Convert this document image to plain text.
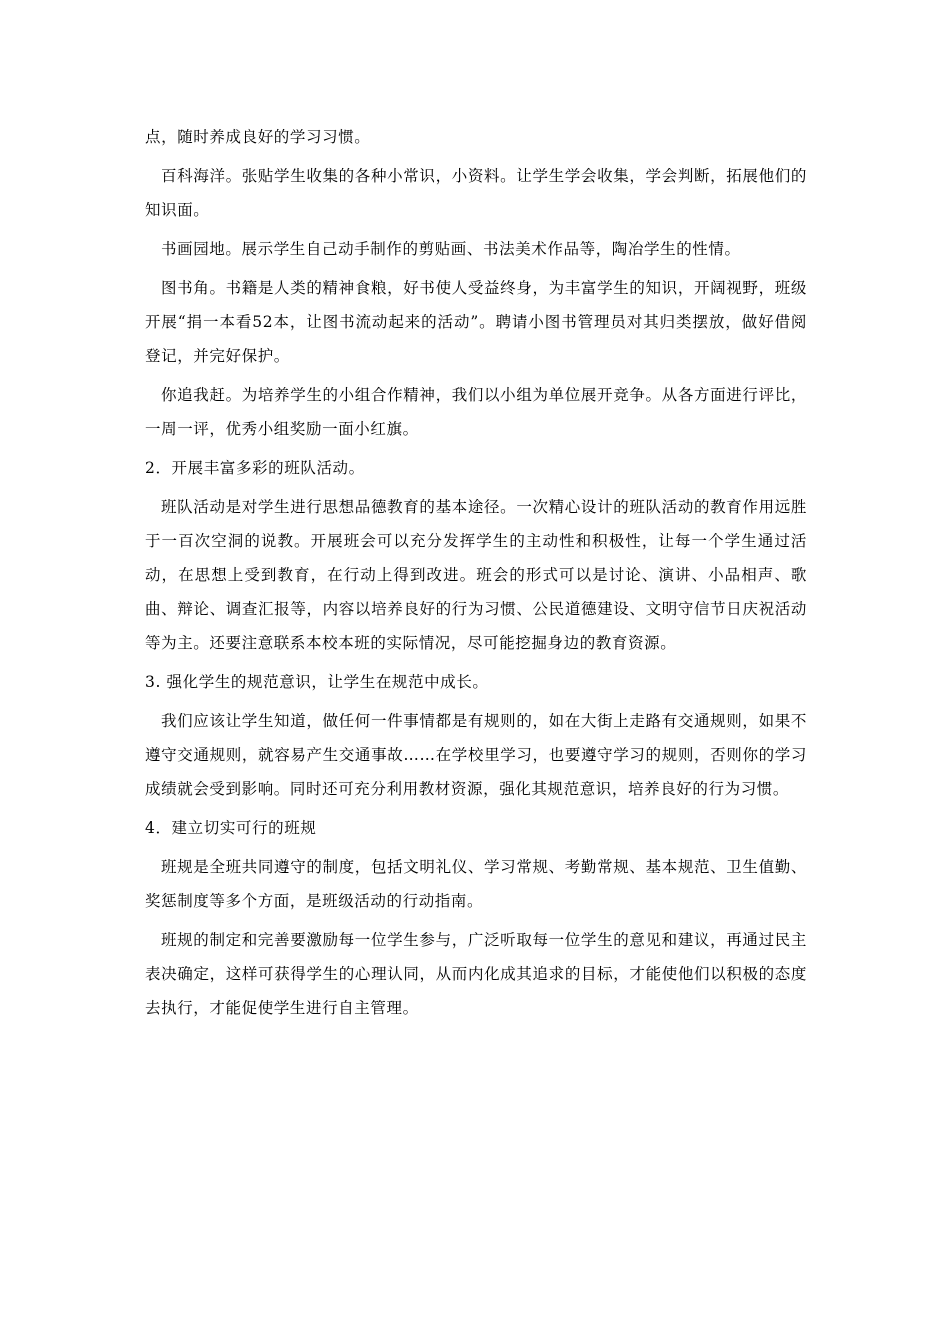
点，随时养成良好的学习习惯。

百科海洋。张贴学生收集的各种小常识，小资料。让学生学会收集，学会判断，拓展他们的知识面。

书画园地。展示学生自己动手制作的剪贴画、书法美术作品等，陶冶学生的性情。

图书角。书籍是人类的精神食粮，好书使人受益终身，为丰富学生的知识，开阔视野，班级开展“捐一本看52本，让图书流动起来的活动”。聘请小图书管理员对其归类摆放，做好借阅登记，并完好保护。

你追我赶。为培养学生的小组合作精神，我们以小组为单位展开竞争。从各方面进行评比，一周一评，优秀小组奖励一面小红旗。

2．开展丰富多彩的班队活动。

班队活动是对学生进行思想品德教育的基本途径。一次精心设计的班队活动的教育作用远胜于一百次空洞的说教。开展班会可以充分发挥学生的主动性和积极性，让每一个学生通过活动，在思想上受到教育，在行动上得到改进。班会的形式可以是讨论、演讲、小品相声、歌曲、辩论、调查汇报等，内容以培养良好的行为习惯、公民道德建设、文明守信节日庆祝活动等为主。还要注意联系本校本班的实际情况，尽可能挖掘身边的教育资源。

3. 强化学生的规范意识，让学生在规范中成长。

我们应该让学生知道，做任何一件事情都是有规则的，如在大街上走路有交通规则，如果不遵守交通规则，就容易产生交通事故……在学校里学习，也要遵守学习的规则，否则你的学习成绩就会受到影响。同时还可充分利用教材资源，强化其规范意识，培养良好的行为习惯。

4．建立切实可行的班规

班规是全班共同遵守的制度，包括文明礼仪、学习常规、考勤常规、基本规范、卫生值勤、奖惩制度等多个方面，是班级活动的行动指南。

班规的制定和完善要激励每一位学生参与，广泛听取每一位学生的意见和建议，再通过民主表决确定，这样可获得学生的心理认同，从而内化成其追求的目标，才能使他们以积极的态度去执行，才能促使学生进行自主管理。
